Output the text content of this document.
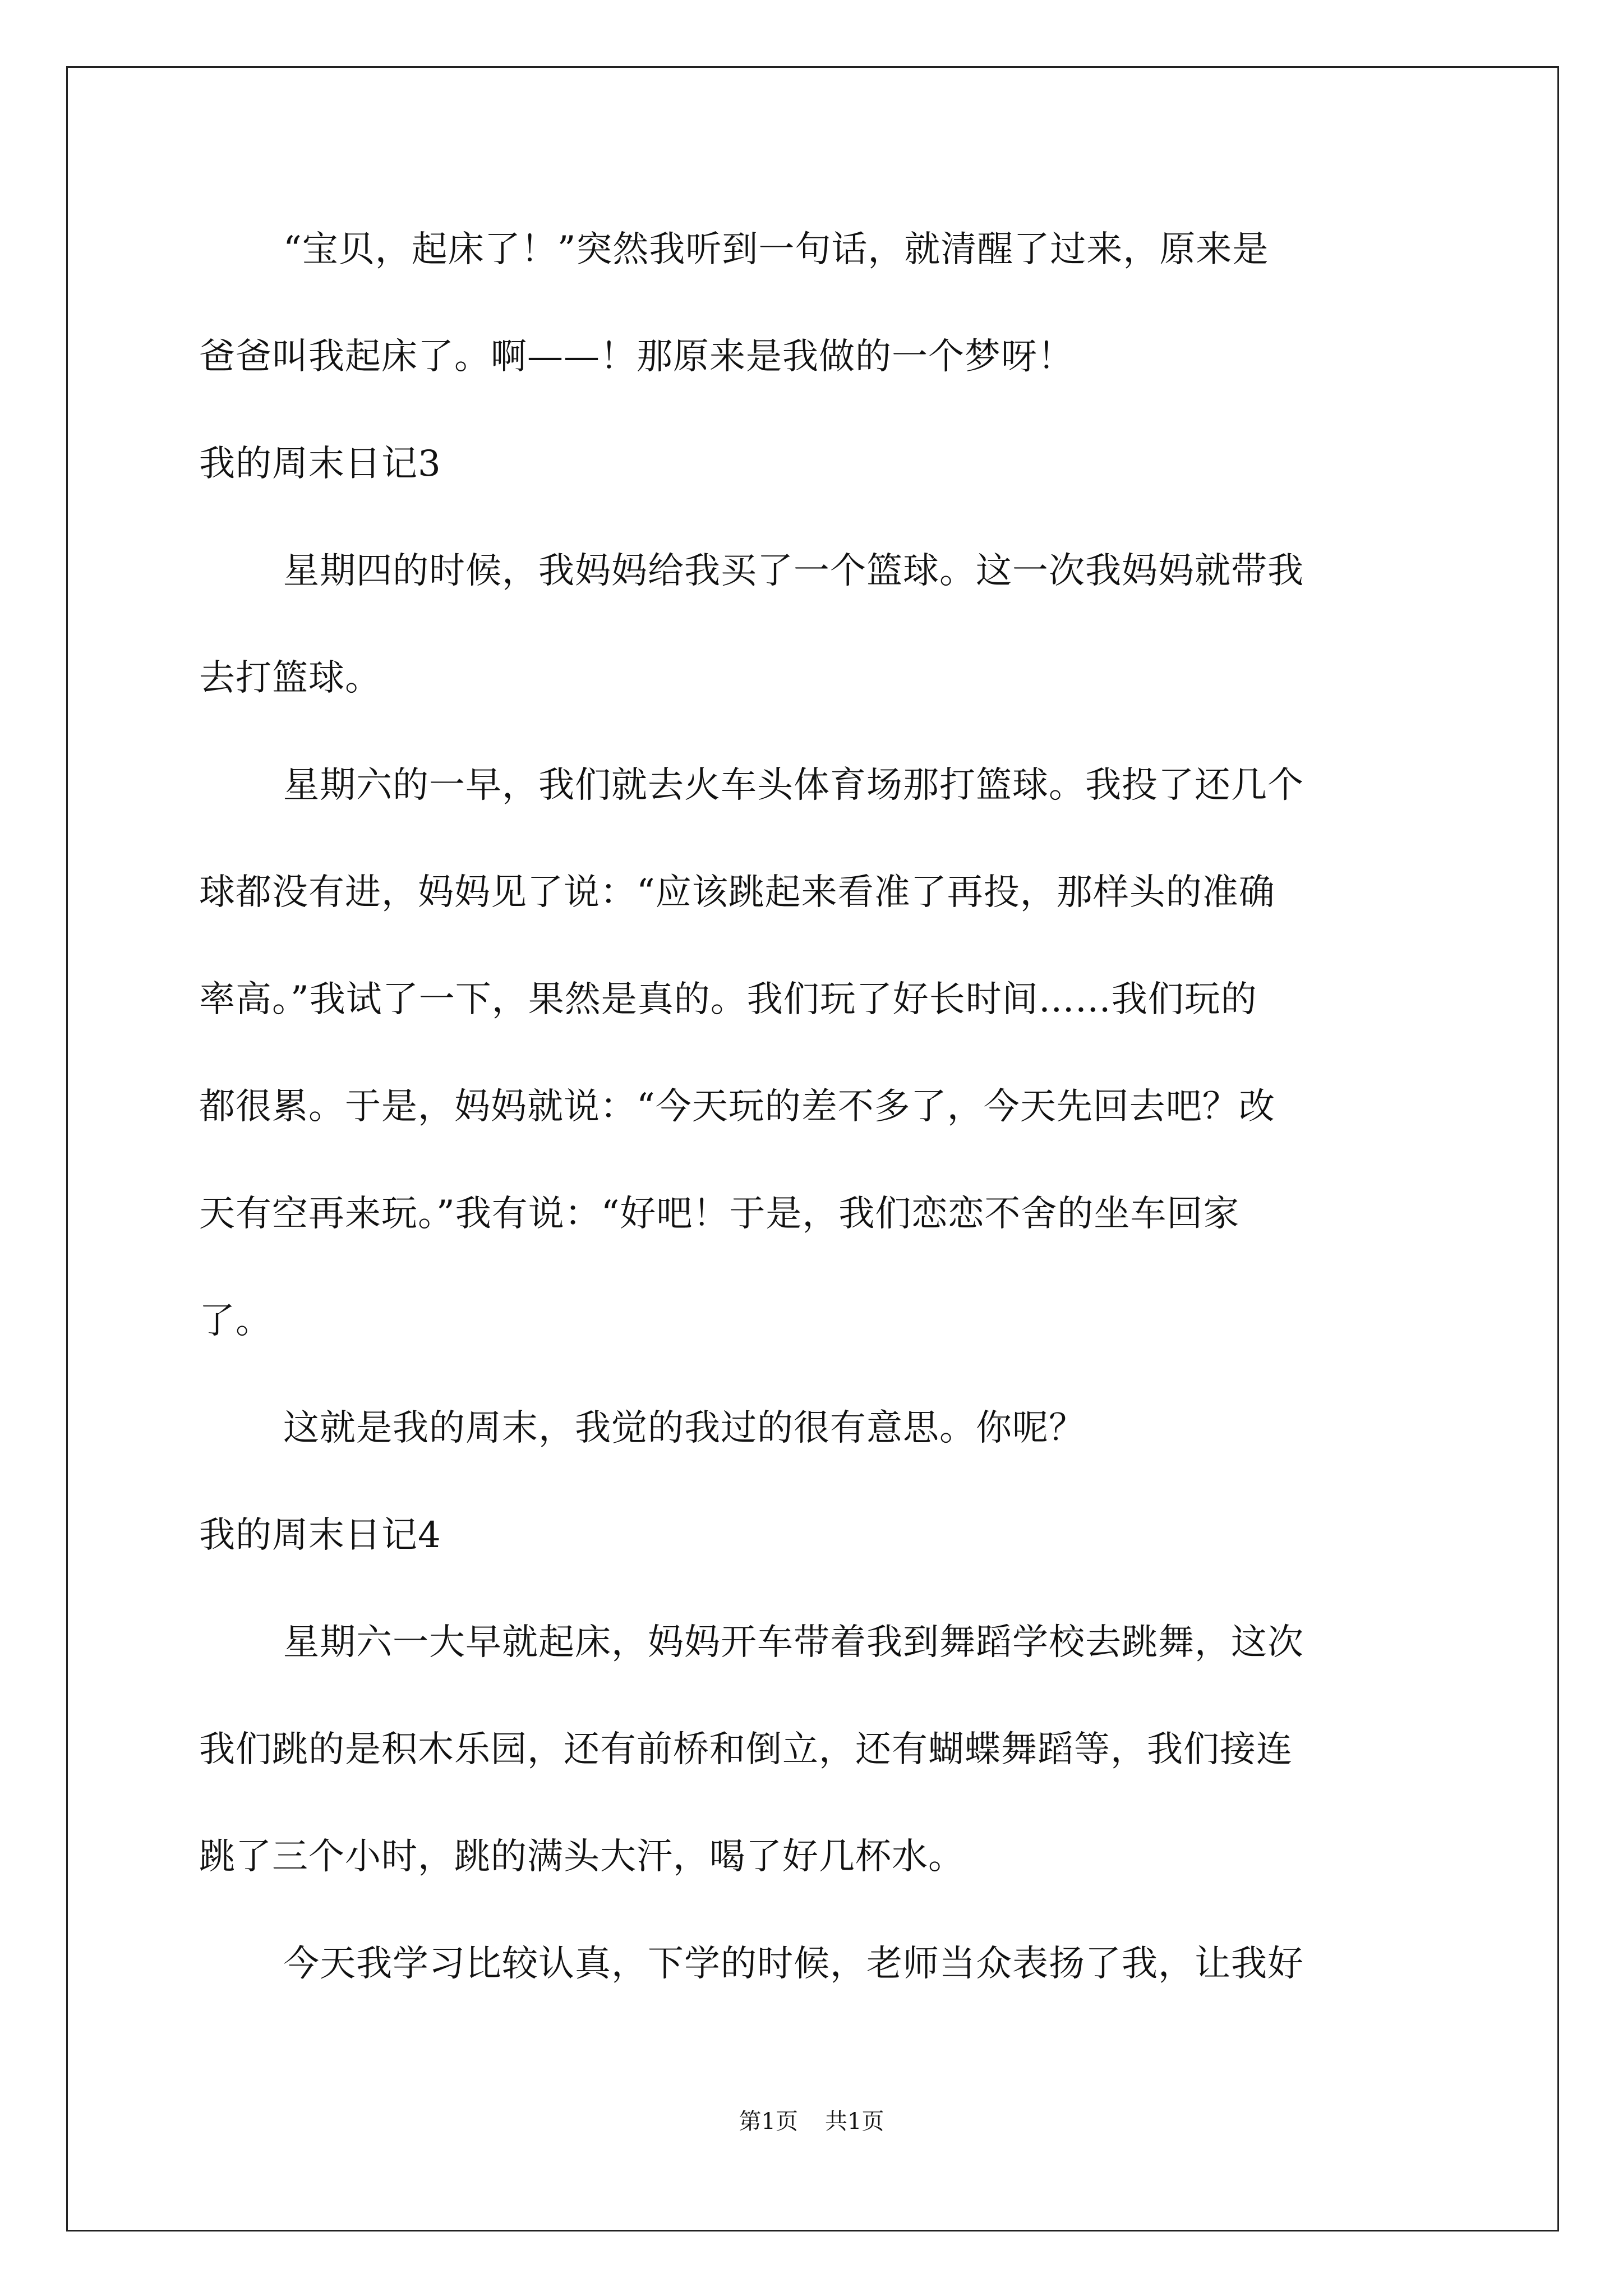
“宝贝，起床了！”突然我听到一句话，就清醒了过来，原来是
爸爸叫我起床了。啊——！那原来是我做的一个梦呀！
我的周末日记3
星期四的时候，我妈妈给我买了一个篮球。这一次我妈妈就带我
去打篮球。
星期六的一早，我们就去火车头体育场那打篮球。我投了还几个
球都没有进，妈妈见了说：“应该跳起来看准了再投，那样头的准确
率高。”我试了一下，果然是真的。我们玩了好长时间……我们玩的
都很累。于是，妈妈就说：“今天玩的差不多了，今天先回去吧？改
天有空再来玩。”我有说：“好吧！于是，我们恋恋不舍的坐车回家
了。
这就是我的周末，我觉的我过的很有意思。你呢？
我的周末日记4
星期六一大早就起床，妈妈开车带着我到舞蹈学校去跳舞，这次
我们跳的是积木乐园，还有前桥和倒立，还有蝴蝶舞蹈等，我们接连
跳了三个小时，跳的满头大汗，喝了好几杯水。
今天我学习比较认真，下学的时候，老师当众表扬了我，让我好
第1页 共1页
